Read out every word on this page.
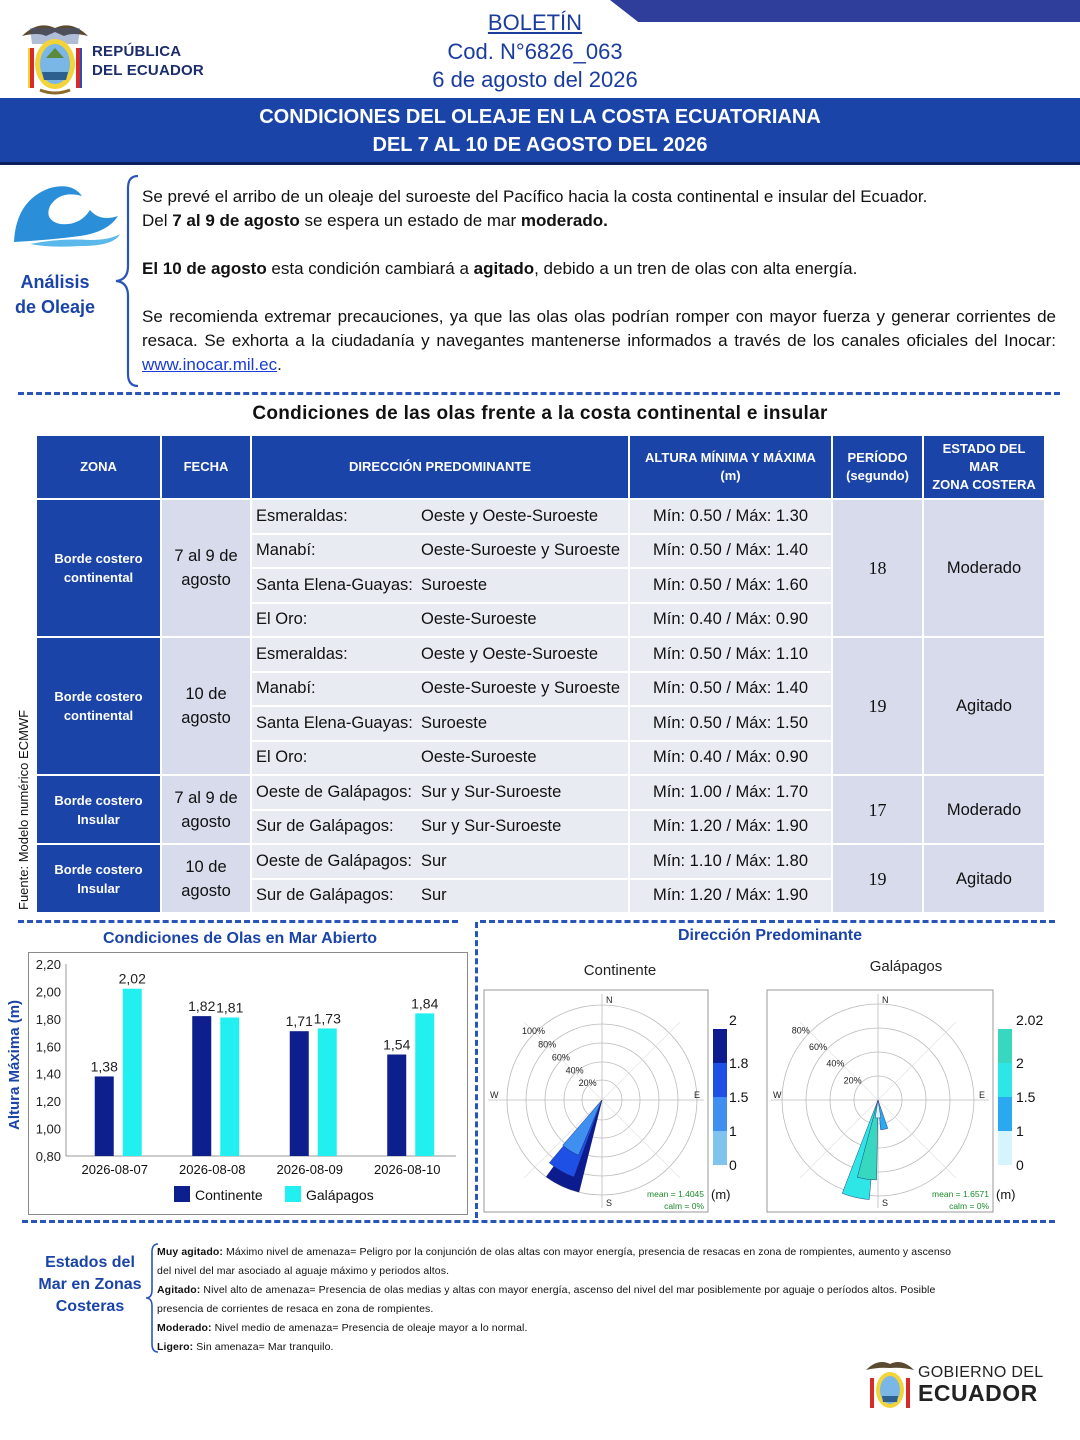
REPÚBLICA
DEL ECUADOR
BOLETÍN
Cod. N°6826_063
6 de agosto del 2026
CONDICIONES DEL OLEAJE EN LA COSTA ECUATORIANA
DEL 7 AL 10 DE AGOSTO DEL 2026
Análisis
de Oleaje
Se prevé el arribo de un oleaje del suroeste del Pacífico hacia la costa continental e insular del Ecuador.
Del 7 al 9 de agosto se espera un estado de mar moderado.
El 10 de agosto esta condición cambiará a agitado, debido a un tren de olas con alta energía.
Se recomienda extremar precauciones, ya que las olas olas podrían romper con mayor fuerza y generar corrientes de resaca. Se exhorta a la ciudadanía y navegantes mantenerse informados a través de los canales oficiales del Inocar: www.inocar.mil.ec.
Condiciones de las olas frente a la costa continental e insular
Fuente: Modelo numérico ECMWF
ZONA	FECHA	DIRECCIÓN PREDOMINANTE	ALTURA MÍNIMA Y MÁXIMA
(m)	PERÍODO
(segundo)	ESTADO DEL
MAR
ZONA COSTERA
Borde costero
continental	7 al 9 de
agosto	Esmeraldas: Oeste y Oeste-Suroeste	Mín: 0.50 / Máx: 1.30	18	Moderado
		Manabí: Oeste-Suroeste y Suroeste	Mín: 0.50 / Máx: 1.40		
		Santa Elena-Guayas: Suroeste	Mín: 0.50 / Máx: 1.60		
		El Oro: Oeste-Suroeste	Mín: 0.40 / Máx: 0.90		
Borde costero
continental	10 de
agosto	Esmeraldas: Oeste y Oeste-Suroeste	Mín: 0.50 / Máx: 1.10	19	Agitado
		Manabí: Oeste-Suroeste y Suroeste	Mín: 0.50 / Máx: 1.40		
		Santa Elena-Guayas: Suroeste	Mín: 0.50 / Máx: 1.50		
		El Oro: Oeste-Suroeste	Mín: 0.40 / Máx: 0.90		
Borde costero
Insular	7 al 9 de
agosto	Oeste de Galápagos: Sur y Sur-Suroeste	Mín: 1.00 / Máx: 1.70	17	Moderado
		Sur de Galápagos: Sur y Sur-Suroeste	Mín: 1.20 / Máx: 1.90		
Borde costero
Insular	10 de
agosto	Oeste de Galápagos: Sur	Mín: 1.10 / Máx: 1.80	19	Agitado
		Sur de Galápagos: Sur	Mín: 1.20 / Máx: 1.90		
Condiciones de Olas en Mar Abierto
Altura Máxima (m)
0,80
1,00
1,20
1,40
1,60
1,80
2,00
2,20
1,38
2,02
2026-08-07
1,82 1,81
2026-08-08
1,71 1,73
2026-08-09
1,54
1,84
2026-08-10
Continente	Galápagos
Dirección Predominante
Continente	Galápagos
N
S
W	E
20%
40%
60%
80%
100%
mean = 1.4045
calm = 0%
2
1.8
1.5
1
0
(m)
N
S
W	E
20%
40%
60%
80%
mean = 1.6571
calm = 0%
2.02
2
1.5
1
0
(m)
Estados del
Mar en Zonas
Costeras
Muy agitado: Máximo nivel de amenaza= Peligro por la conjunción de olas altas con mayor energía, presencia de resacas en zona de rompientes, aumento y ascenso
del nivel del mar asociado al aguaje máximo y periodos altos.
Agitado: Nivel alto de amenaza= Presencia de olas medias y altas con mayor energía, ascenso del nivel del mar posiblemente por aguaje o períodos altos. Posible
presencia de corrientes de resaca en zona de rompientes.
Moderado: Nivel medio de amenaza= Presencia de oleaje mayor a lo normal.
Ligero: Sin amenaza= Mar tranquilo.
GOBIERNO DEL
ECUADOR
